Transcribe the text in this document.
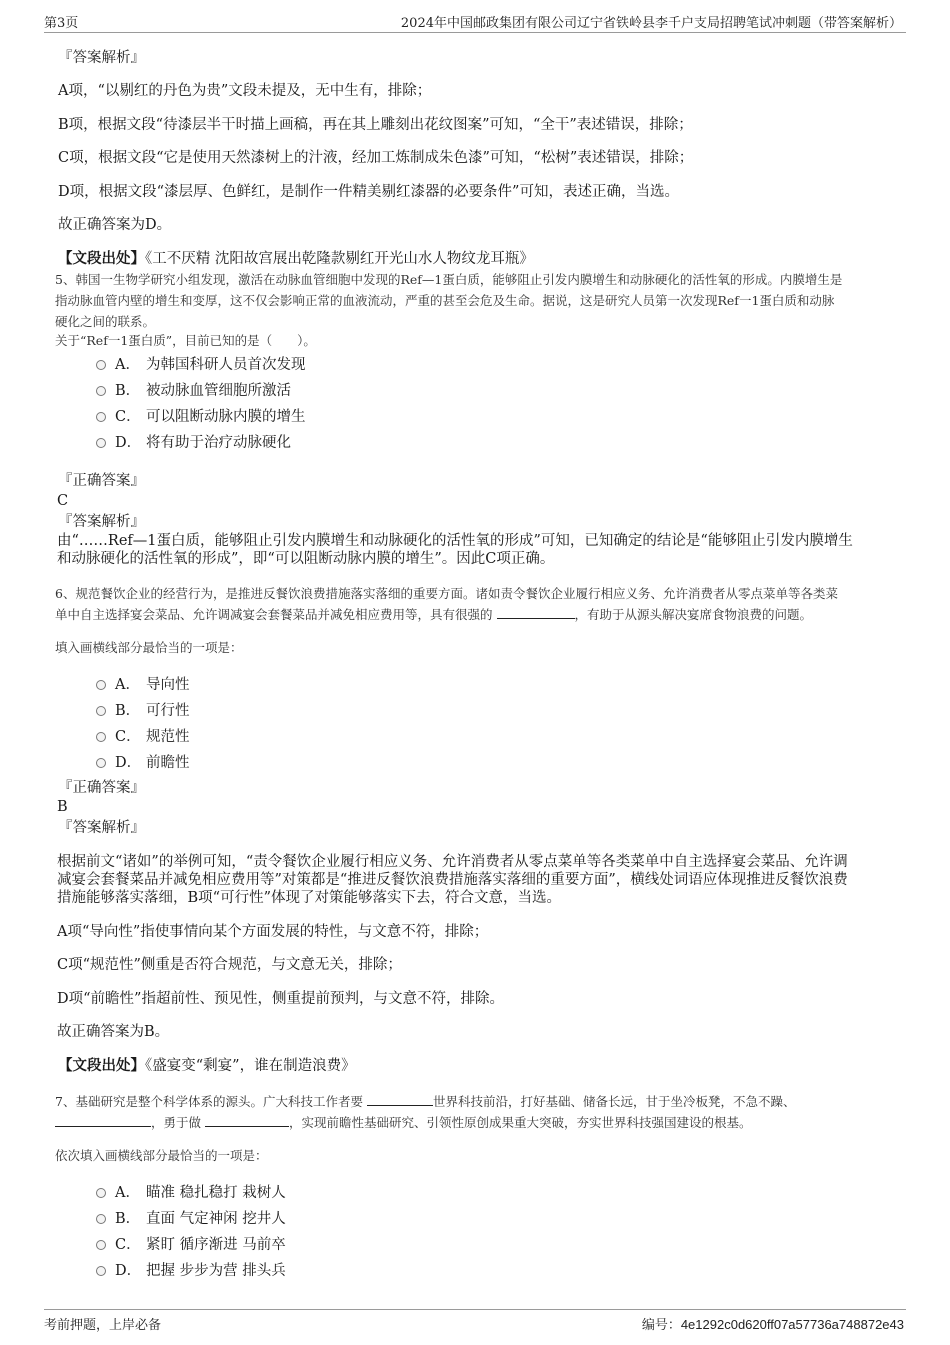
第3页	2024年中国邮政集团有限公司辽宁省铁岭县李千户支局招聘笔试冲刺题（带答案解析）
『答案解析』
A项，“以剔红的丹色为贵”文段未提及，无中生有，排除；
B项，根据文段“待漆层半干时描上画稿，再在其上雕刻出花纹图案”可知，“全干”表述错误，排除；
C项，根据文段“它是使用天然漆树上的汁液，经加工炼制成朱色漆”可知，“松树”表述错误，排除；
D项，根据文段“漆层厚、色鲜红，是制作一件精美剔红漆器的必要条件”可知，表述正确，当选。
故正确答案为D。
【文段出处】《工不厌精 沈阳故宫展出乾隆款剔红开光山水人物纹龙耳瓶》
5、韩国一生物学研究小组发现，激活在动脉血管细胞中发现的Ref—1蛋白质，能够阻止引发内膜增生和动脉硬化的活性氧的形成。内膜增生是
指动脉血管内壁的增生和变厚，这不仅会影响正常的血液流动，严重的甚至会危及生命。据说，这是研究人员第一次发现Ref一1蛋白质和动脉
硬化之间的联系。
关于“Ref一1蛋白质”，目前已知的是（　　）。
A． 为韩国科研人员首次发现
B． 被动脉血管细胞所激活
C． 可以阻断动脉内膜的增生
D． 将有助于治疗动脉硬化
『正确答案』
C
『答案解析』
由“……Ref—1蛋白质，能够阻止引发内膜增生和动脉硬化的活性氧的形成”可知，已知确定的结论是“能够阻止引发内膜增生
和动脉硬化的活性氧的形成”，即“可以阻断动脉内膜的增生”。因此C项正确。
6、规范餐饮企业的经营行为，是推进反餐饮浪费措施落实落细的重要方面。诸如责令餐饮企业履行相应义务、允许消费者从零点菜单等各类菜
单中自主选择宴会菜品、允许调减宴会套餐菜品并减免相应费用等，具有很强的	，有助于从源头解决宴席食物浪费的问题。
填入画横线部分最恰当的一项是：
A． 导向性
B． 可行性
C． 规范性
D． 前瞻性
『正确答案』
B
『答案解析』
根据前文“诸如”的举例可知，“责令餐饮企业履行相应义务、允许消费者从零点菜单等各类菜单中自主选择宴会菜品、允许调
减宴会套餐菜品并减免相应费用等”对策都是“推进反餐饮浪费措施落实落细的重要方面”，横线处词语应体现推进反餐饮浪费
措施能够落实落细，B项“可行性”体现了对策能够落实下去，符合文意，当选。
A项“导向性”指使事情向某个方面发展的特性，与文意不符，排除；
C项“规范性”侧重是否符合规范，与文意无关，排除；
D项“前瞻性”指超前性、预见性，侧重提前预判，与文意不符，排除。
故正确答案为B。
【文段出处】《盛宴变“剩宴”，谁在制造浪费》
7、基础研究是整个科学体系的源头。广大科技工作者要	世界科技前沿，打好基础、储备长远，甘于坐冷板凳，不急不躁、
，勇于做	，实现前瞻性基础研究、引领性原创成果重大突破，夯实世界科技强国建设的根基。
依次填入画横线部分最恰当的一项是：
A． 瞄准 稳扎稳打 栽树人
B． 直面 气定神闲 挖井人
C． 紧盯 循序渐进 马前卒
D． 把握 步步为营 排头兵
考前押题，上岸必备	编号：4e1292c0d620ff07a57736a748872e43
